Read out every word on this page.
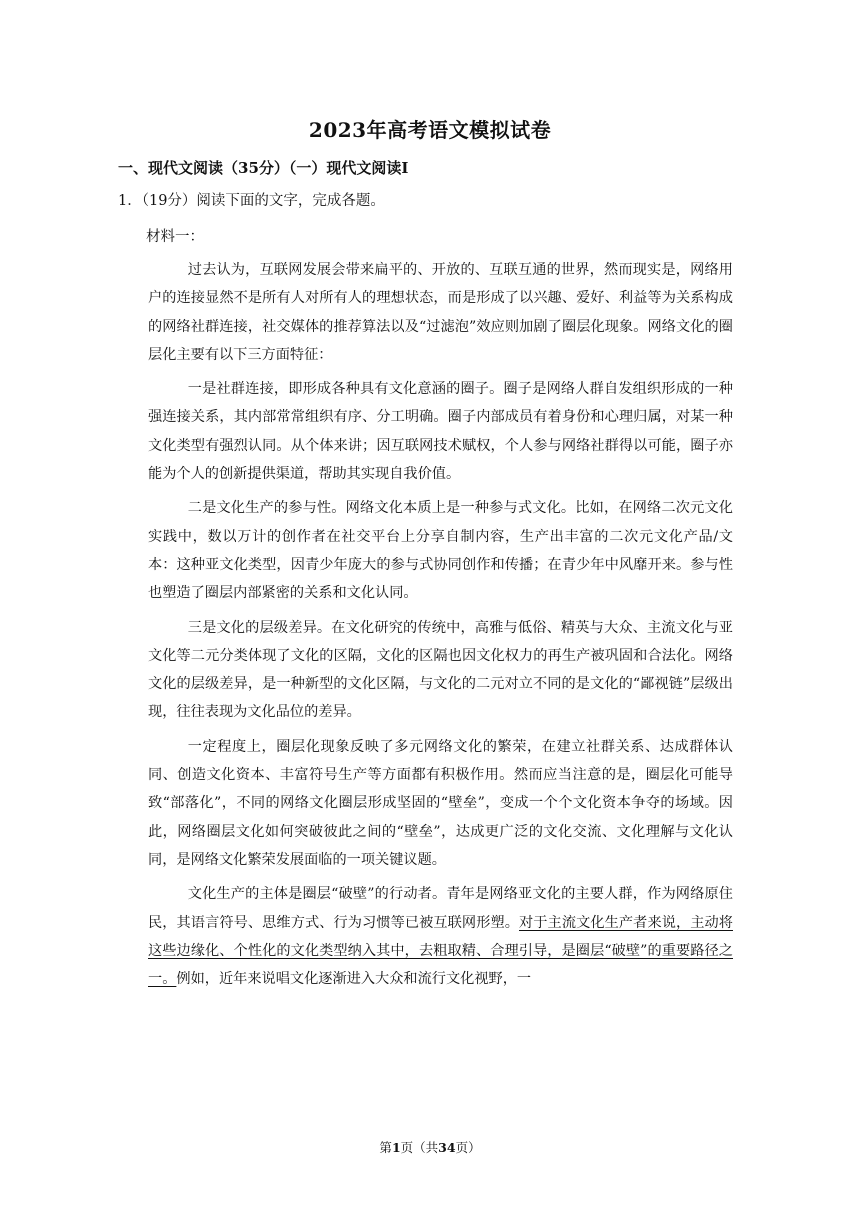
2023年高考语文模拟试卷
一、现代文阅读（35分）（一）现代文阅读Ⅰ
1．（19分）阅读下面的文字，完成各题。
材料一：

过去认为，互联网发展会带来扁平的、开放的、互联互通的世界，然而现实是，网络用户的连接显然不是所有人对所有人的理想状态，而是形成了以兴趣、爱好、利益等为关系构成的网络社群连接，社交媒体的推荐算法以及“过滤泡”效应则加剧了圈层化现象。网络文化的圈层化主要有以下三方面特征：

一是社群连接，即形成各种具有文化意涵的圈子。圈子是网络人群自发组织形成的一种强连接关系，其内部常常组织有序、分工明确。圈子内部成员有着身份和心理归属，对某一种文化类型有强烈认同。从个体来讲；因互联网技术赋权，个人参与网络社群得以可能，圈子亦能为个人的创新提供渠道，帮助其实现自我价值。

二是文化生产的参与性。网络文化本质上是一种参与式文化。比如，在网络二次元文化实践中，数以万计的创作者在社交平台上分享自制内容，生产出丰富的二次元文化产品/文本：这种亚文化类型，因青少年庞大的参与式协同创作和传播；在青少年中风靡开来。参与性也塑造了圈层内部紧密的关系和文化认同。

三是文化的层级差异。在文化研究的传统中，高雅与低俗、精英与大众、主流文化与亚文化等二元分类体现了文化的区隔，文化的区隔也因文化权力的再生产被巩固和合法化。网络文化的层级差异，是一种新型的文化区隔，与文化的二元对立不同的是文化的“鄙视链”层级出现，往往表现为文化品位的差异。

一定程度上，圈层化现象反映了多元网络文化的繁荣，在建立社群关系、达成群体认同、创造文化资本、丰富符号生产等方面都有积极作用。然而应当注意的是，圈层化可能导致“部落化”，不同的网络文化圈层形成坚固的“壁垒”，变成一个个文化资本争夺的场域。因此，网络圈层文化如何突破彼此之间的“壁垒”，达成更广泛的文化交流、文化理解与文化认同，是网络文化繁荣发展面临的一项关键议题。

文化生产的主体是圈层“破壁”的行动者。青年是网络亚文化的主要人群，作为网络原住民，其语言符号、思维方式、行为习惯等已被互联网形塑。对于主流文化生产者来说，主动将这些边缘化、个性化的文化类型纳入其中，去粗取精、合理引导，是圈层“破壁”的重要路径之一。例如，近年来说唱文化逐渐进入大众和流行文化视野，一

第1页（共34页）
